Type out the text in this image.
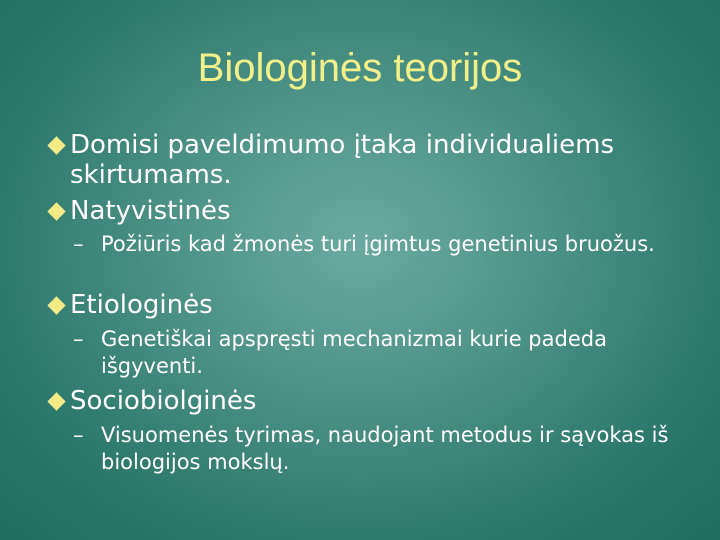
Biologinės teorijos
Domisi paveldimumo įtaka individualiems skirtumams.
Natyvistinės
– Požiūris kad žmonės turi įgimtus genetinius bruožus.
Etiologinės
– Genetiškai apspręsti mechanizmai kurie padeda išgyventi.
Sociobiolginės
– Visuomenės tyrimas, naudojant metodus ir sąvokas iš biologijos mokslų.
